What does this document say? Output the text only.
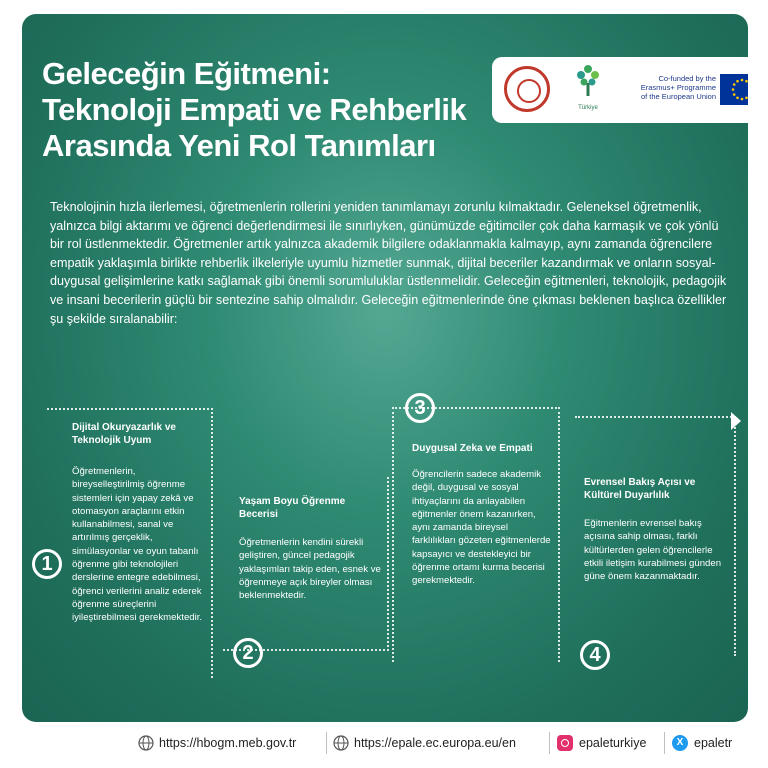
Geleceğin Eğitmeni:
Teknoloji Empati ve Rehberlik
Arasında Yeni Rol Tanımları
Türkiye
Co-funded by the
Erasmus+ Programme
of the European Union
Teknolojinin hızla ilerlemesi, öğretmenlerin rollerini yeniden tanımlamayı zorunlu kılmaktadır. Geleneksel öğretmenlik, yalnızca bilgi aktarımı ve öğrenci değerlendirmesi ile sınırlıyken, günümüzde eğitimciler çok daha karmaşık ve çok yönlü bir rol üstlenmektedir. Öğretmenler artık yalnızca akademik bilgilere odaklanmakla kalmayıp, aynı zamanda öğrencilere empatik yaklaşımla birlikte rehberlik ilkeleriyle uyumlu hizmetler sunmak, dijital beceriler kazandırmak ve onların sosyal-duygusal gelişimlerine katkı sağlamak gibi önemli sorumluluklar üstlenmelidir. Geleceğin eğitmenleri, teknolojik, pedagojik ve insani becerilerin güçlü bir sentezine sahip olmalıdır. Geleceğin eğitmenlerinde öne çıkması beklenen başlıca özellikler şu şekilde sıralanabilir:
Dijital Okuryazarlık ve Teknolojik Uyum
Öğretmenlerin, bireyselleştirilmiş öğrenme sistemleri için yapay zekâ ve otomasyon araçlarını etkin kullanabilmesi, sanal ve artırılmış gerçeklik, simülasyonlar ve oyun tabanlı öğrenme gibi teknolojileri derslerine entegre edebilmesi, öğrenci verilerini analiz ederek öğrenme süreçlerini iyileştirebilmesi gerekmektedir.
1
Yaşam Boyu Öğrenme Becerisi
Öğretmenlerin kendini sürekli geliştiren, güncel pedagojik yaklaşımları takip eden, esnek ve öğrenmeye açık bireyler olması beklenmektedir.
2
Duygusal Zeka ve Empati
Öğrencilerin sadece akademik değil, duygusal ve sosyal ihtiyaçlarını da anlayabilen eğitmenler önem kazanırken, aynı zamanda bireysel farklılıkları gözeten eğitmenlerde kapsayıcı ve destekleyici bir öğrenme ortamı kurma becerisi gerekmektedir.
3
Evrensel Bakış Açısı ve Kültürel Duyarlılık
Eğitmenlerin evrensel bakış açısına sahip olması, farklı kültürlerden gelen öğrencilerle etkili iletişim kurabilmesi günden güne önem kazanmaktadır.
4
https://hbogm.meb.gov.tr	https://epale.ec.europa.eu/en	epaleturkiye	X epaletr
